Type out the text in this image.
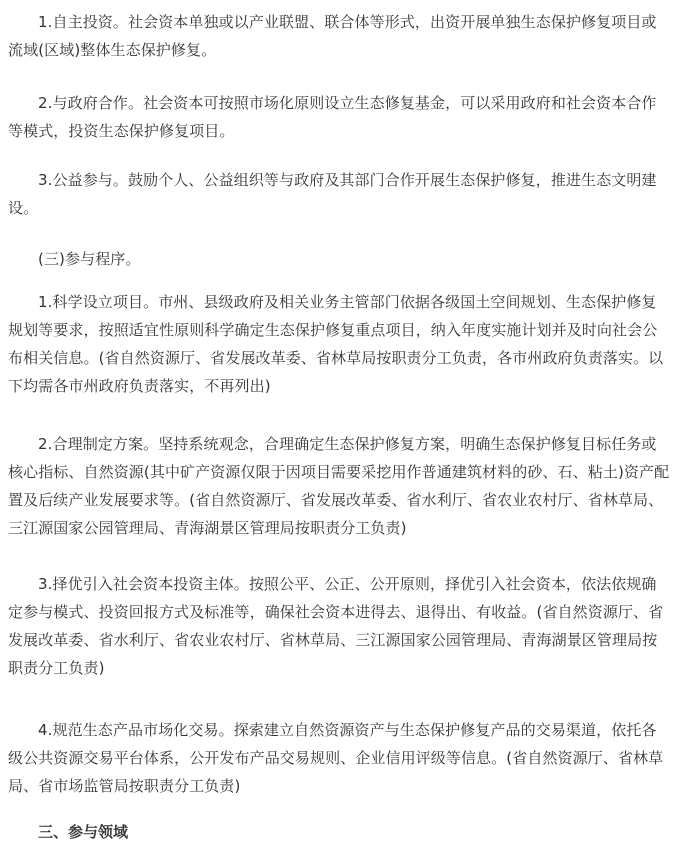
1.自主投资。社会资本单独或以产业联盟、联合体等形式，出资开展单独生态保护修复项目或流域(区域)整体生态保护修复。

2.与政府合作。社会资本可按照市场化原则设立生态修复基金，可以采用政府和社会资本合作等模式，投资生态保护修复项目。

3.公益参与。鼓励个人、公益组织等与政府及其部门合作开展生态保护修复，推进生态文明建设。

(三)参与程序。

1.科学设立项目。市州、县级政府及相关业务主管部门依据各级国土空间规划、生态保护修复规划等要求，按照适宜性原则科学确定生态保护修复重点项目，纳入年度实施计划并及时向社会公布相关信息。(省自然资源厅、省发展改革委、省林草局按职责分工负责，各市州政府负责落实。以下均需各市州政府负责落实，不再列出)

2.合理制定方案。坚持系统观念，合理确定生态保护修复方案，明确生态保护修复目标任务或核心指标、自然资源(其中矿产资源仅限于因项目需要采挖用作普通建筑材料的砂、石、粘土)资产配置及后续产业发展要求等。(省自然资源厅、省发展改革委、省水利厅、省农业农村厅、省林草局、三江源国家公园管理局、青海湖景区管理局按职责分工负责)

3.择优引入社会资本投资主体。按照公平、公正、公开原则，择优引入社会资本，依法依规确定参与模式、投资回报方式及标准等，确保社会资本进得去、退得出、有收益。(省自然资源厅、省发展改革委、省水利厅、省农业农村厅、省林草局、三江源国家公园管理局、青海湖景区管理局按职责分工负责)

4.规范生态产品市场化交易。探索建立自然资源资产与生态保护修复产品的交易渠道，依托各级公共资源交易平台体系，公开发布产品交易规则、企业信用评级等信息。(省自然资源厅、省林草局、省市场监管局按职责分工负责)

三、参与领域
